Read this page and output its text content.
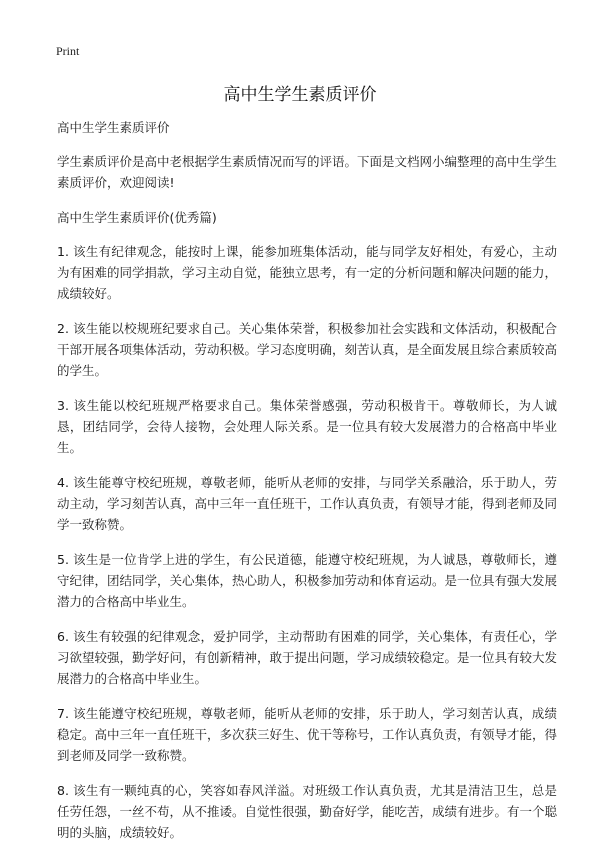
Print
高中生学生素质评价

高中生学生素质评价

学生素质评价是高中老根据学生素质情况而写的评语。下面是文档网小编整理的高中生学生素质评价，欢迎阅读!

高中生学生素质评价(优秀篇)

1. 该生有纪律观念，能按时上课，能参加班集体活动，能与同学友好相处，有爱心，主动为有困难的同学捐款，学习主动自觉，能独立思考，有一定的分析问题和解决问题的能力，成绩较好。

2. 该生能以校规班纪要求自己。关心集体荣誉，积极参加社会实践和文体活动，积极配合干部开展各项集体活动，劳动积极。学习态度明确，刻苦认真，是全面发展且综合素质较高的学生。

3. 该生能以校纪班规严格要求自己。集体荣誉感强，劳动积极肯干。尊敬师长，为人诚恳，团结同学，会待人接物，会处理人际关系。是一位具有较大发展潜力的合格高中毕业生。

4. 该生能尊守校纪班规，尊敬老师，能听从老师的安排，与同学关系融洽，乐于助人，劳动主动，学习刻苦认真，高中三年一直任班干，工作认真负责，有领导才能，得到老师及同学一致称赞。

5. 该生是一位肯学上进的学生，有公民道德，能遵守校纪班规，为人诚恳，尊敬师长，遵守纪律，团结同学，关心集体，热心助人，积极参加劳动和体育运动。是一位具有强大发展潜力的合格高中毕业生。

6. 该生有较强的纪律观念，爱护同学，主动帮助有困难的同学，关心集体，有责任心，学习欲望较强，勤学好问，有创新精神，敢于提出问题，学习成绩较稳定。是一位具有较大发展潜力的合格高中毕业生。

7. 该生能遵守校纪班规，尊敬老师，能听从老师的安排，乐于助人，学习刻苦认真，成绩稳定。高中三年一直任班干，多次获三好生、优干等称号，工作认真负责，有领导才能，得到老师及同学一致称赞。

8. 该生有一颗纯真的心，笑容如春风洋溢。对班级工作认真负责，尤其是清洁卫生，总是任劳任怨，一丝不苟，从不推诿。自觉性很强，勤奋好学，能吃苦，成绩有进步。有一个聪明的头脑，成绩较好。
